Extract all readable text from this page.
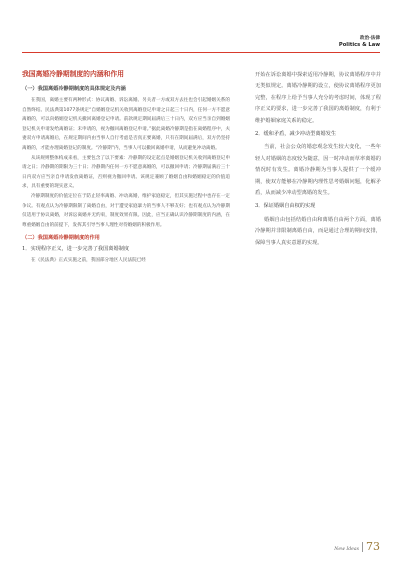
政治·法律
Politics & Law
我国离婚冷静期制度的内涵和作用
（一）我国离婚冷静期制度的具体规定及内涵

在我国，离婚主要有两种形式：协议离婚、诉讼离婚。另关者一方或双方去往也会引起婚姻关系的自然终结。民法典第1077条规定“自婚姻登记机关收到离婚登记申请之日起三十日内，任何一方不愿意离婚的，可以向婚姻登记机关撤回离婚登记申请。前款规定期间届满后三十日内，双方应当亲自到婚姻登记机关申请发给离婚证；未申请的，视为撤回离婚登记申请。”据此离婚冷静期是指在离婚程序中，夫妻双方申请离婚后，在规定期间内由当事人自行考虑是否真正要离婚，只有在期间届满后，双方仍坚持离婚的，才能办理离婚登记的制度。“冷静期”内，当事人可以撤回离婚申请，从而避免冲动离婚。

从该规则整体构成来看，主要包含了以下要素：冷静期的设定起点是婚姻登记机关收到离婚登记申请之日；冷静期的期限为三十日；冷静期内任何一方不愿意离婚的，可以撤回申请；冷静期届满后三十日内双方应当亲自申请发放离婚证，否则视为撤回申请。该规定兼顾了婚姻自由和婚姻稳定的价值追求，具有重要的现实意义。

冷静期制度的价值定位在于防止轻率离婚、冲动离婚，维护家庭稳定，但其实施过程中也存在一定争议。有观点认为冷静期限制了离婚自由，对于遭受家庭暴力的当事人不够友好；也有观点认为冷静期仅适用于协议离婚，对诉讼离婚并无约束，制度效果有限。因此，应当正确认识冷静期制度的内涵，在尊重婚姻自由的前提下，发挥其引导当事人理性对待婚姻的积极作用。

（二）我国离婚冷静期制度的作用
1．实现程序正义，进一步完善了我国离婚制度

在《民法典》正式实施之前，我国部分地区人民法院已经

开始在诉讼离婚中探索适用冷静期，协议离婚程序中并无类似规定。离婚冷静期的设立，使协议离婚程序更加完整，在程序上给予当事人充分的考虑时间，体现了程序正义的要求，进一步完善了我国的离婚制度，有利于维护婚姻家庭关系的稳定。

2．缓和矛盾，减少冲动型离婚发生

当前，社会公众的婚恋观念发生较大变化，一些年轻人对婚姻的态度较为随意，因一时冲动而草率离婚的情况时有发生。离婚冷静期为当事人提供了一个缓冲期，使双方能够在冷静期内理性思考婚姻问题，化解矛盾，从而减少冲动型离婚的发生。

3．保证婚姻自由权的实现

婚姻自由包括结婚自由和离婚自由两个方面，离婚冷静期并非限制离婚自由，而是通过合理的期间安排，保障当事人真实意愿的实现。

New Ideas 73
